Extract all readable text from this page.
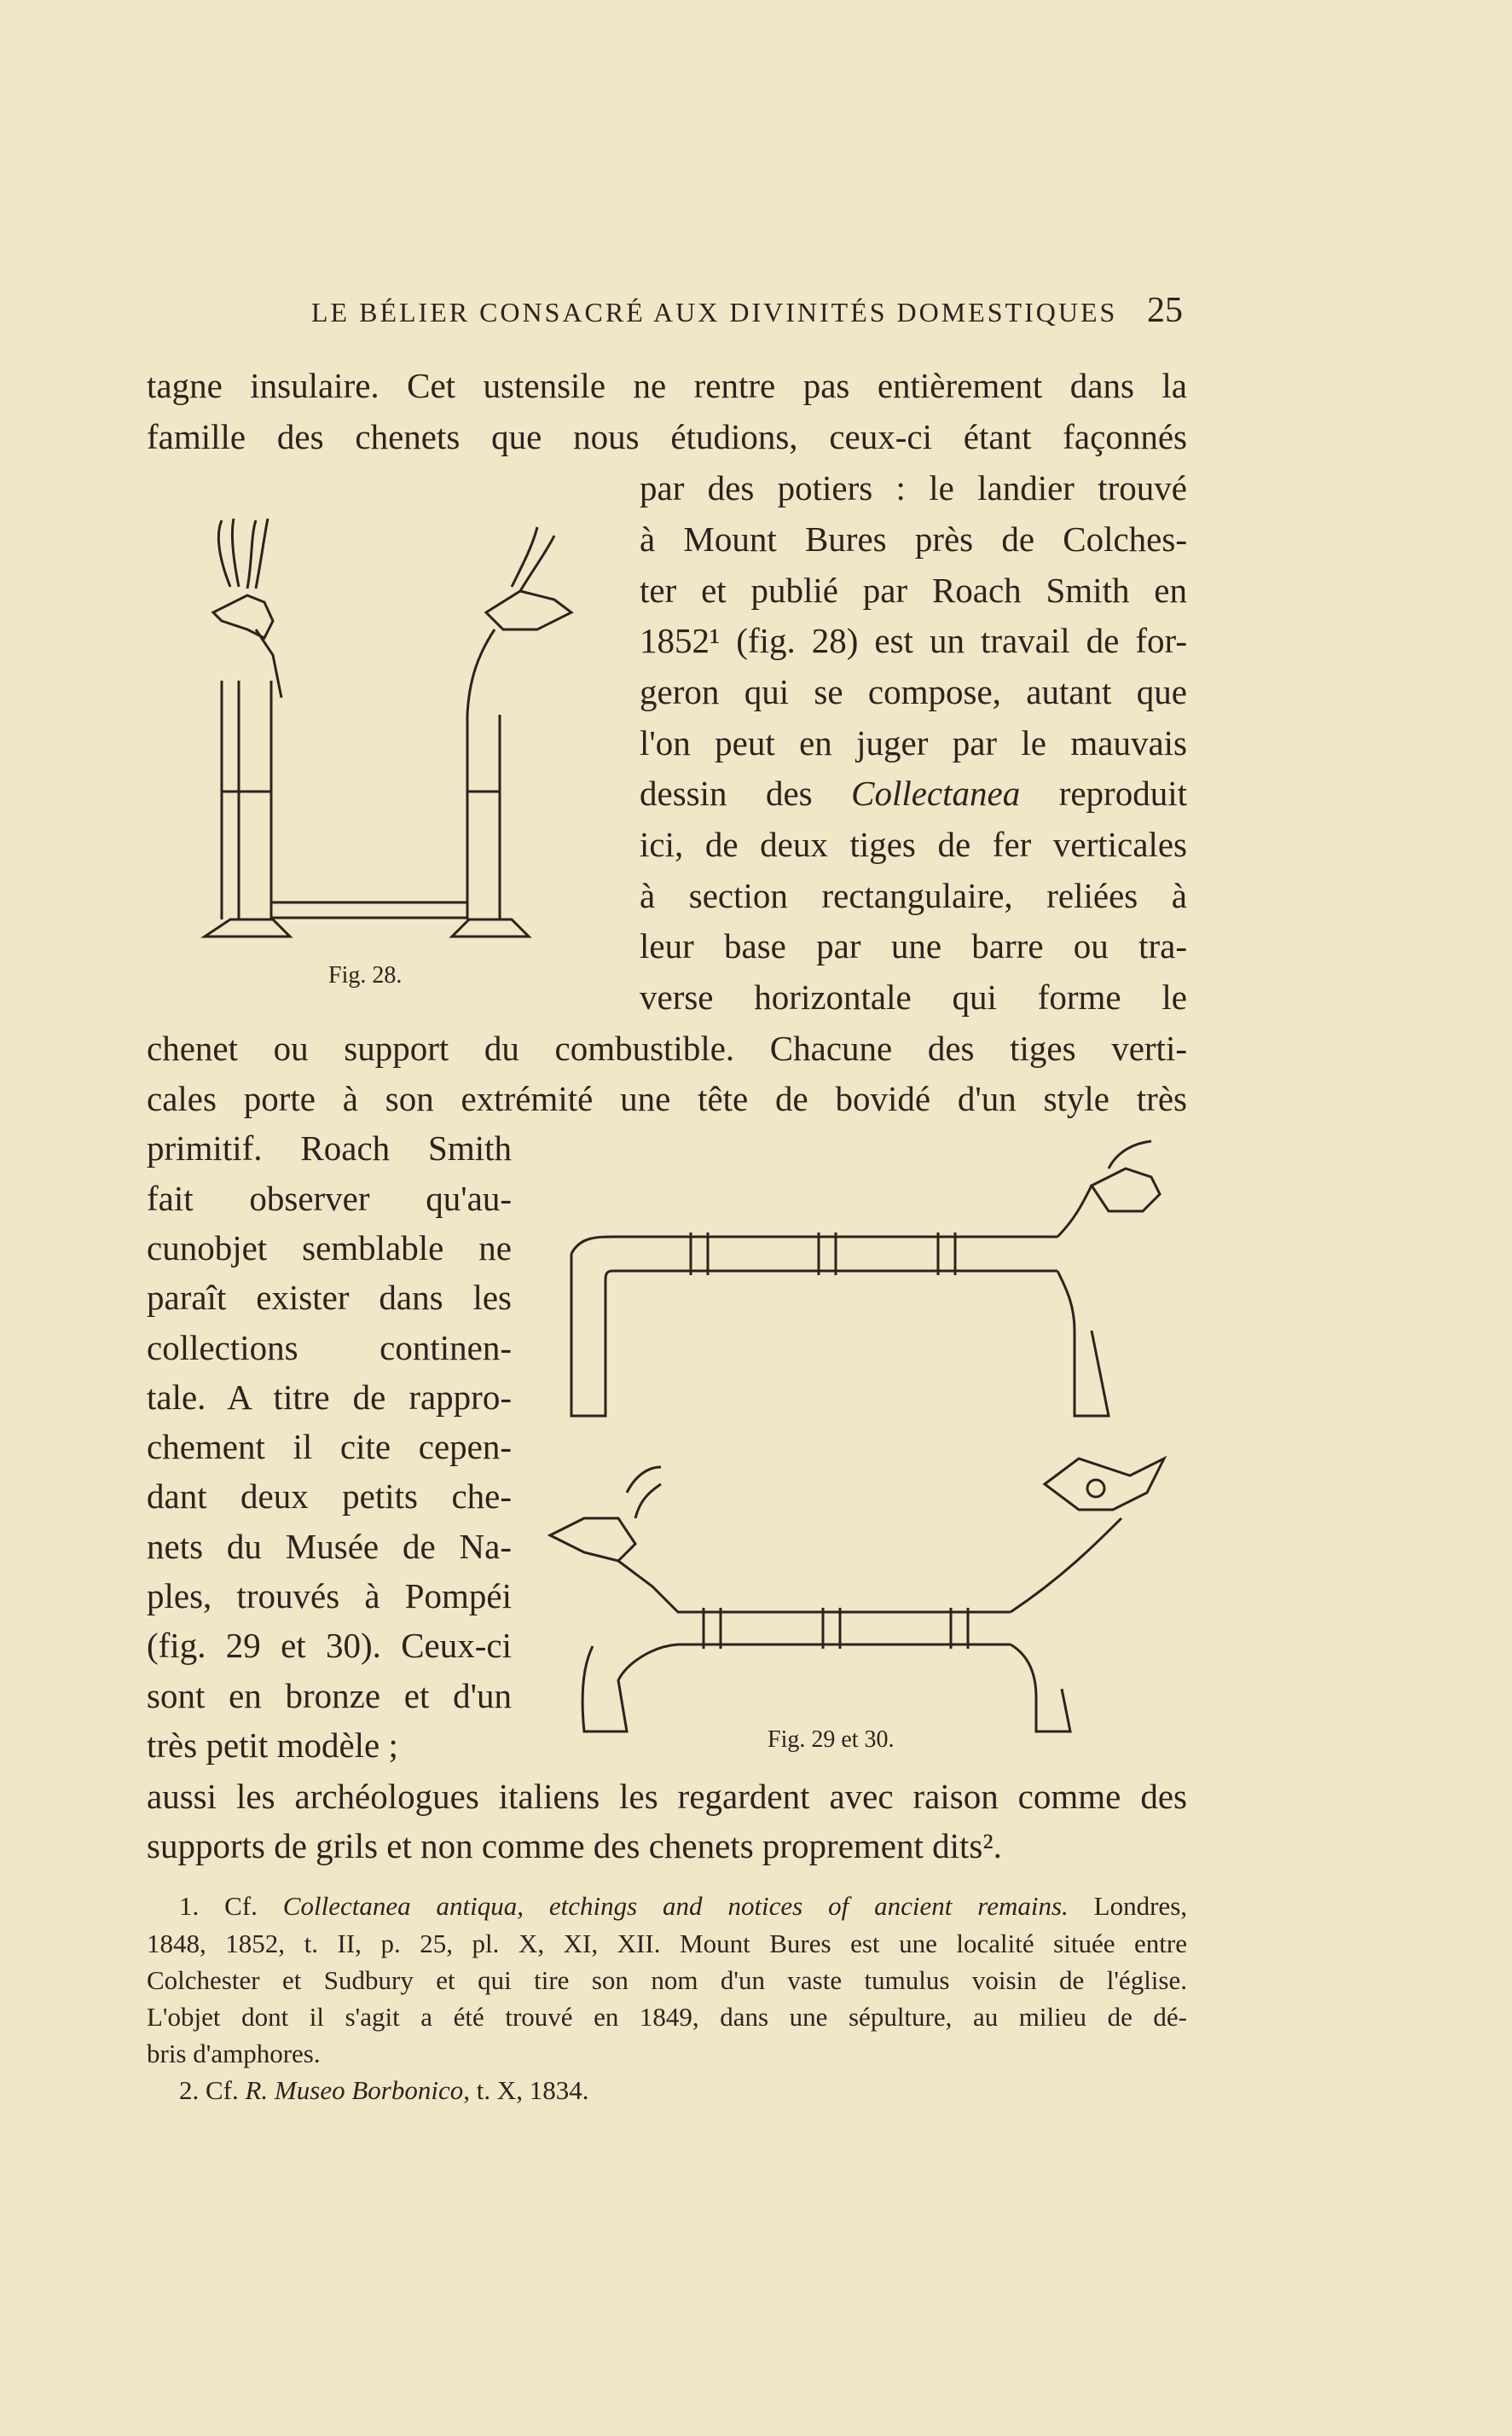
LE BÉLIER CONSACRÉ AUX DIVINITÉS DOMESTIQUES 25
tagne insulaire. Cet ustensile ne rentre pas entièrement dans la
famille des chenets que nous étudions, ceux-ci étant façonnés
par des potiers : le landier trouvé
à Mount Bures près de Colches-
ter et publié par Roach Smith en
1852¹ (fig. 28) est un travail de for-
geron qui se compose, autant que
l'on peut en juger par le mauvais
dessin des Collectanea reproduit
ici, de deux tiges de fer verticales
à section rectangulaire, reliées à
leur base par une barre ou tra-
verse horizontale qui forme le
Fig. 28.
chenet ou support du combustible. Chacune des tiges verti-
cales porte à son extrémité une tête de bovidé d'un style très
primitif. Roach Smith
fait observer qu'au-
cunobjet semblable ne
paraît exister dans les
collections continen-
tale. A titre de rappro-
chement il cite cepen-
dant deux petits che-
nets du Musée de Na-
ples, trouvés à Pompéi
(fig. 29 et 30). Ceux-ci
sont en bronze et d'un
très petit modèle ;	Fig. 29 et 30.
aussi les archéologues italiens les regardent avec raison comme des
supports de grils et non comme des chenets proprement dits².
1. Cf. Collectanea antiqua, etchings and notices of ancient remains. Londres,
1848, 1852, t. II, p. 25, pl. X, XI, XII. Mount Bures est une localité située entre
Colchester et Sudbury et qui tire son nom d'un vaste tumulus voisin de l'église.
L'objet dont il s'agit a été trouvé en 1849, dans une sépulture, au milieu de dé-
bris d'amphores.
2. Cf. R. Museo Borbonico, t. X, 1834.
